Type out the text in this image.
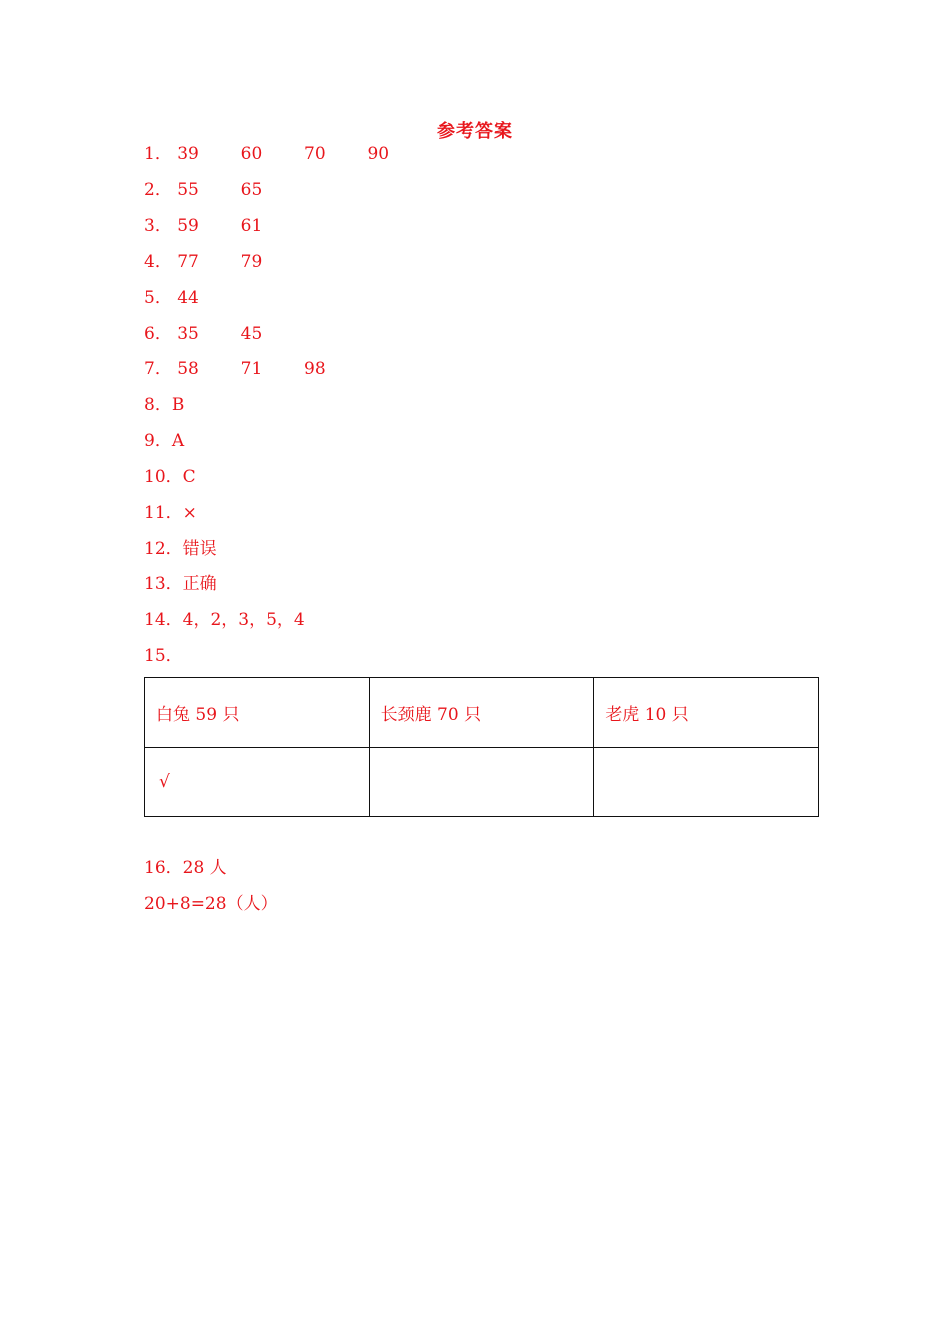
参考答案
1． 39 60 70 90
2． 55 65
3． 59 61
4． 77 79
5． 44
6． 35 45
7． 58 71 98
8．B
9．A
10．C
11．×
12．错误
13．正确
14．4，2，3，5，4
15．
白兔 59 只	长颈鹿 70 只	老虎 10 只
√		
16．28 人
20+8=28（人）
